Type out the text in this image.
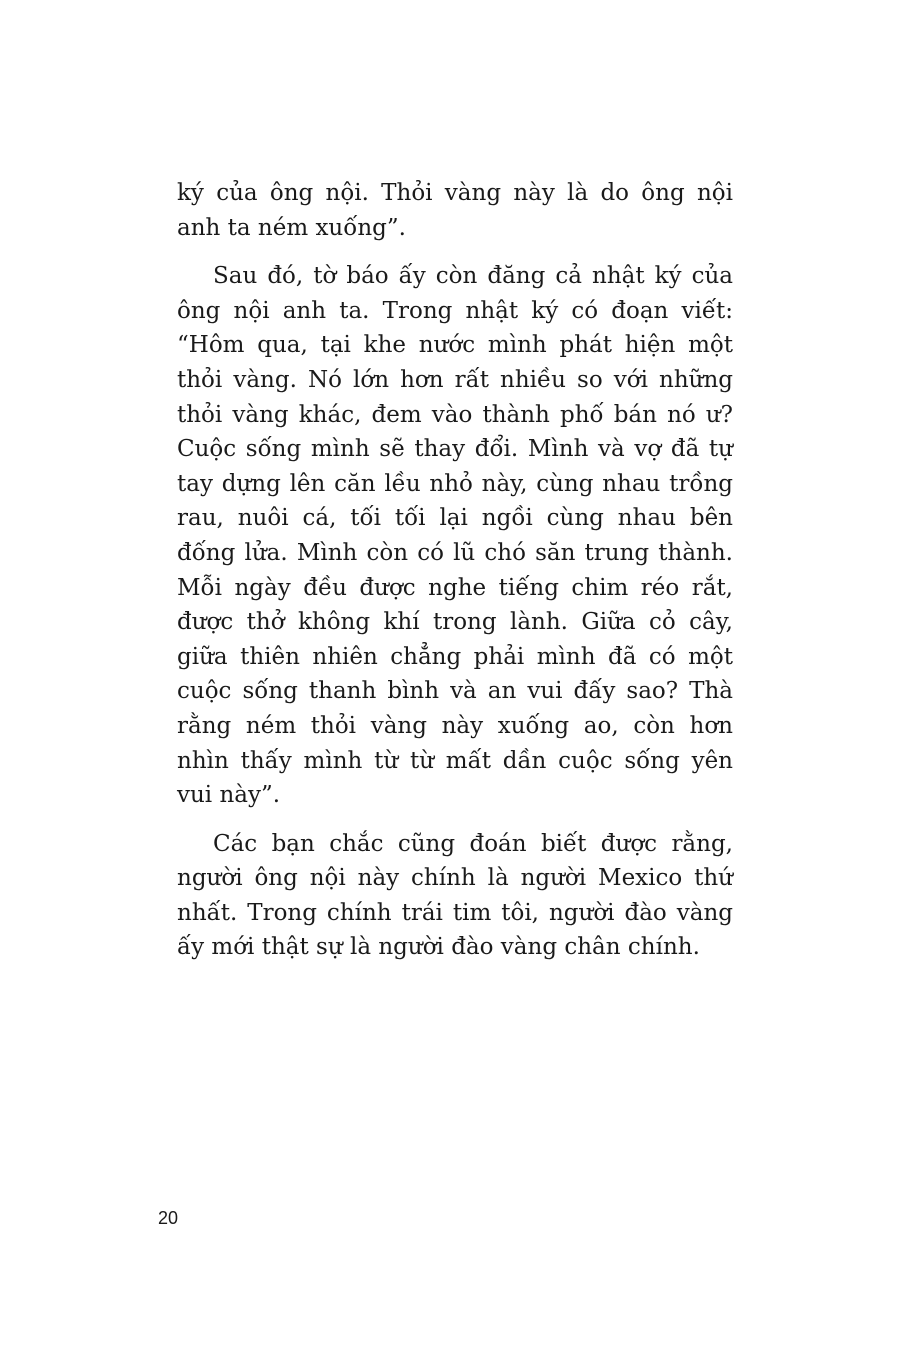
ký của ông nội. Thỏi vàng này là do ông nội anh ta ném xuống”.

Sau đó, tờ báo ấy còn đăng cả nhật ký của ông nội anh ta. Trong nhật ký có đoạn viết: “Hôm qua, tại khe nước mình phát hiện một thỏi vàng. Nó lớn hơn rất nhiều so với những thỏi vàng khác, đem vào thành phố bán nó ư? Cuộc sống mình sẽ thay đổi. Mình và vợ đã tự tay dựng lên căn lều nhỏ này, cùng nhau trồng rau, nuôi cá, tối tối lại ngồi cùng nhau bên đống lửa. Mình còn có lũ chó săn trung thành. Mỗi ngày đều được nghe tiếng chim réo rắt, được thở không khí trong lành. Giữa cỏ cây, giữa thiên nhiên chẳng phải mình đã có một cuộc sống thanh bình và an vui đấy sao? Thà rằng ném thỏi vàng này xuống ao, còn hơn nhìn thấy mình từ từ mất dần cuộc sống yên vui này”.

Các bạn chắc cũng đoán biết được rằng, người ông nội này chính là người Mexico thứ nhất. Trong chính trái tim tôi, người đào vàng ấy mới thật sự là người đào vàng chân chính.

20
